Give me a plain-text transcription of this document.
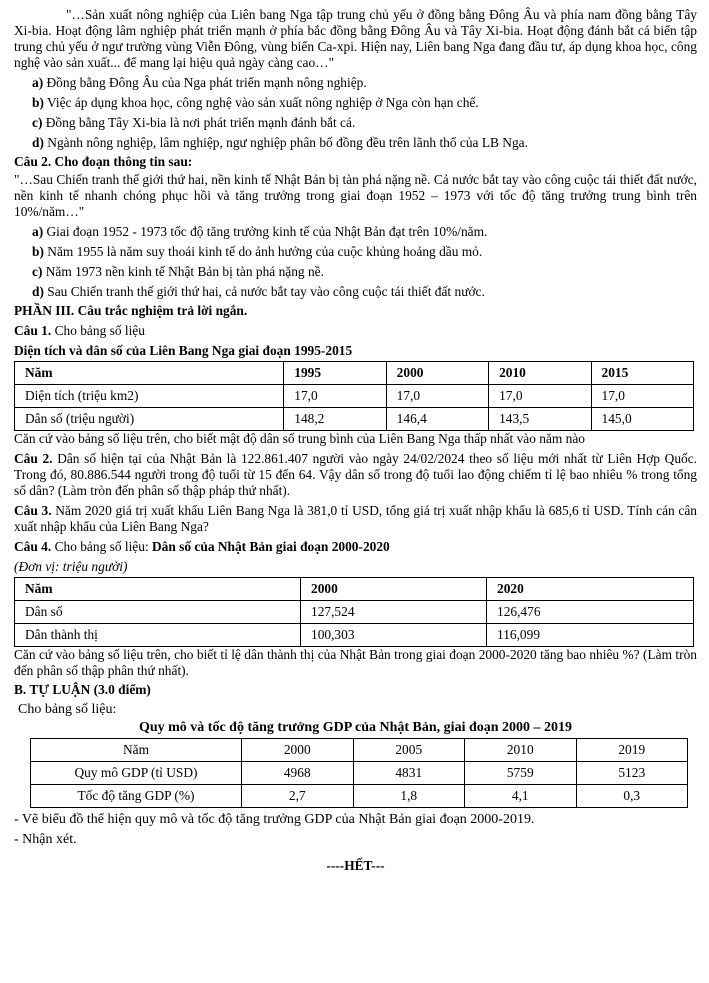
"…Sản xuất nông nghiệp của Liên bang Nga tập trung chủ yếu ở đồng bằng Đông Âu và phía nam đồng bằng Tây Xi-bia. Hoạt động lâm nghiệp phát triển mạnh ở phía bắc đồng bằng Đông Âu và Tây Xi-bia. Hoạt động đánh bắt cá biển tập trung chủ yếu ở ngư trường vùng Viễn Đông, vùng biển Ca-xpi. Hiện nay, Liên bang Nga đang đầu tư, áp dụng khoa học, công nghệ vào sản xuất... để mang lại hiệu quả ngày càng cao…"

a) Đồng bằng Đông Âu của Nga phát triển mạnh nông nghiệp.

b) Việc áp dụng khoa học, công nghệ vào sản xuất nông nghiệp ở Nga còn hạn chế.

c) Đồng bằng Tây Xi-bia là nơi phát triển mạnh đánh bắt cá.

d) Ngành nông nghiệp, lâm nghiệp, ngư nghiệp phân bố đồng đều trên lãnh thổ của LB Nga.

Câu 2. Cho đoạn thông tin sau:

"…Sau Chiến tranh thế giới thứ hai, nền kinh tế Nhật Bản bị tàn phá nặng nề. Cả nước bắt tay vào công cuộc tái thiết đất nước, nền kinh tế nhanh chóng phục hồi và tăng trưởng trong giai đoạn 1952 – 1973 với tốc độ tăng trưởng trung bình trên 10%/năm…"

a) Giai đoạn 1952 - 1973 tốc độ tăng trưởng kinh tế của Nhật Bản đạt trên 10%/năm.

b) Năm 1955 là năm suy thoái kinh tế do ảnh hưởng của cuộc khủng hoảng dầu mỏ.

c) Năm 1973 nền kinh tế Nhật Bản bị tàn phá nặng nề.

d) Sau Chiến tranh thế giới thứ hai, cả nước bắt tay vào công cuộc tái thiết đất nước.

PHẦN III. Câu trắc nghiệm trả lời ngắn.

Câu 1. Cho bảng số liệu

Diện tích và dân số của Liên Bang Nga giai đoạn 1995-2015

Năm	1995	2000	2010	2015
Diện tích (triệu km2)	17,0	17,0	17,0	17,0
Dân số (triệu người)	148,2	146,4	143,5	145,0

Căn cứ vào bảng số liệu trên, cho biết mật độ dân số trung bình của Liên Bang Nga thấp nhất vào năm nào

Câu 2. Dân số hiện tại của Nhật Bản là 122.861.407 người vào ngày 24/02/2024 theo số liệu mới nhất từ Liên Hợp Quốc. Trong đó, 80.886.544 người trong độ tuổi từ 15 đến 64. Vậy dân số trong độ tuổi lao động chiếm tỉ lệ bao nhiêu % trong tổng số dân? (Làm tròn đến phân số thập pháp thứ nhất).

Câu 3. Năm 2020 giá trị xuất khẩu Liên Bang Nga là 381,0 tỉ USD, tổng giá trị xuất nhập khẩu là 685,6 tỉ USD. Tính cán cân xuất nhập khẩu của Liên Bang Nga?

Câu 4. Cho bảng số liệu: Dân số của Nhật Bản giai đoạn 2000-2020

(Đơn vị: triệu người)

Năm	2000	2020
Dân số	127,524	126,476
Dân thành thị	100,303	116,099

Căn cứ vào bảng số liệu trên, cho biết tỉ lệ dân thành thị của Nhật Bản trong giai đoạn 2000-2020 tăng bao nhiêu %? (Làm tròn đến phân số thập phân thứ nhất).

B. TỰ LUẬN (3.0 điểm)

Cho bảng số liệu:

Quy mô và tốc độ tăng trưởng GDP của Nhật Bản, giai đoạn 2000 – 2019

Năm	2000	2005	2010	2019
Quy mô GDP (tỉ USD)	4968	4831	5759	5123
Tốc độ tăng GDP (%)	2,7	1,8	4,1	0,3

- Vẽ biểu đồ thể hiện quy mô và tốc độ tăng trưởng GDP của Nhật Bản giai đoạn 2000-2019.

- Nhận xét.

----HẾT---
